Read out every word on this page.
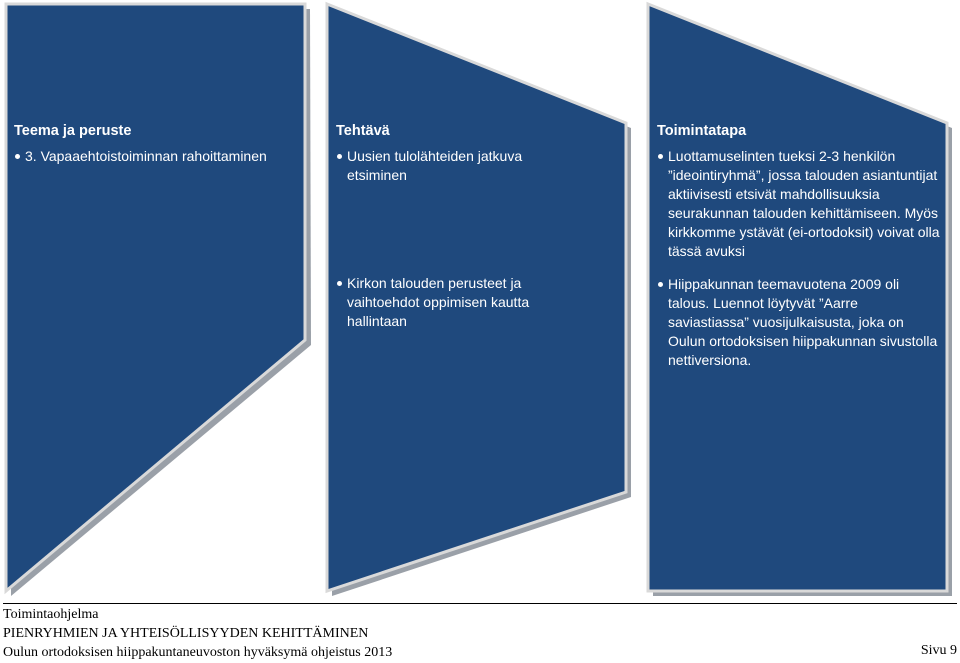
Teema ja peruste
3. Vapaaehtoistoiminnan rahoittaminen
Tehtävä
Uusien tulolähteiden jatkuva etsiminen
Kirkon talouden perusteet ja vaihtoehdot oppimisen kautta hallintaan
Toimintatapa
Luottamuselinten tueksi 2-3 henkilön ”ideointiryhmä”, jossa talouden asiantuntijat aktiivisesti etsivät mahdollisuuksia seurakunnan talouden kehittämiseen. Myös kirkkomme ystävät (ei-ortodoksit) voivat olla tässä avuksi
Hiippakunnan teemavuotena 2009 oli talous. Luennot löytyvät ”Aarre saviastiassa” vuosijulkaisusta, joka on Oulun ortodoksisen hiippakunnan sivustolla nettiversiona.
Toimintaohjelma
PIENRYHMIEN JA YHTEISÖLLISYYDEN KEHITTÄMINEN
Oulun ortodoksisen hiippakuntaneuvoston hyväksymä ohjeistus 2013	Sivu 9
